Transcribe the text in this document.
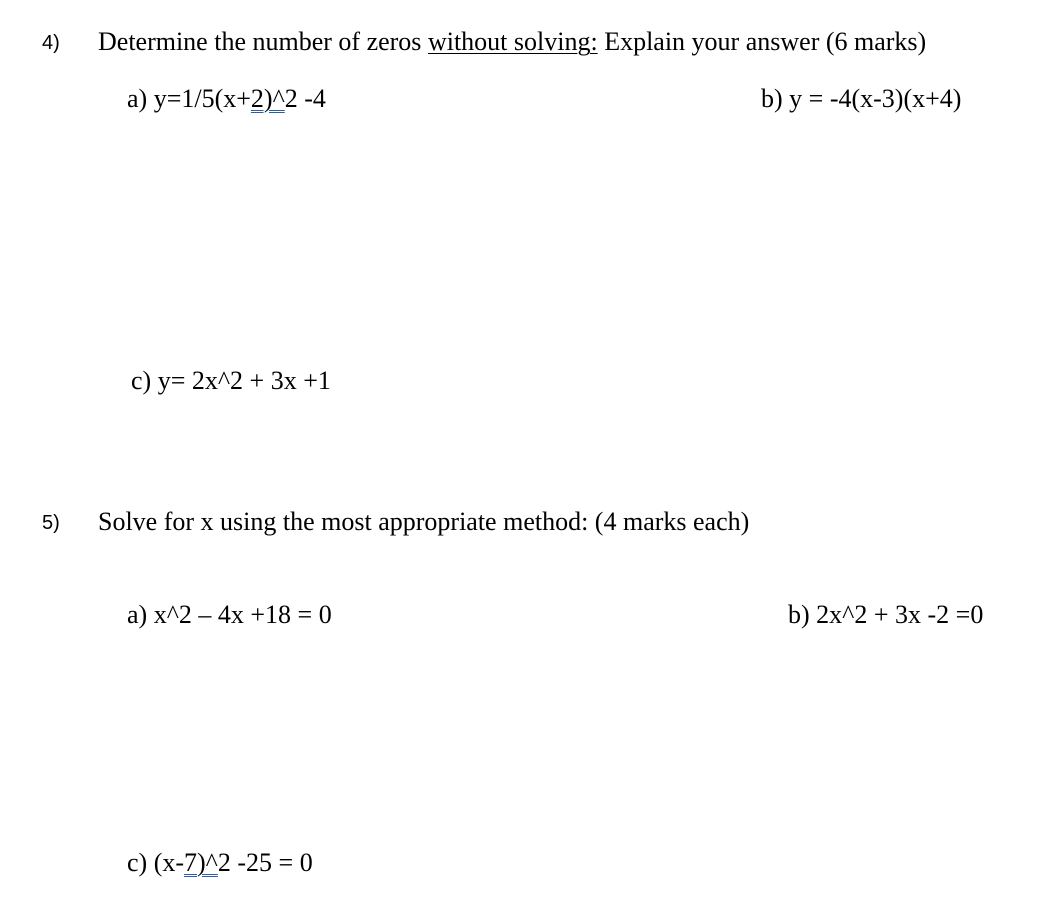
4) Determine the number of zeros without solving: Explain your answer (6 marks)
a) y=1/5(x+2)^2 -4	b) y = -4(x-3)(x+4)
c) y= 2x^2 + 3x +1
5) Solve for x using the most appropriate method: (4 marks each)
a) x^2 – 4x +18 = 0	b) 2x^2 + 3x -2 =0
c) (x-7)^2 -25 = 0
